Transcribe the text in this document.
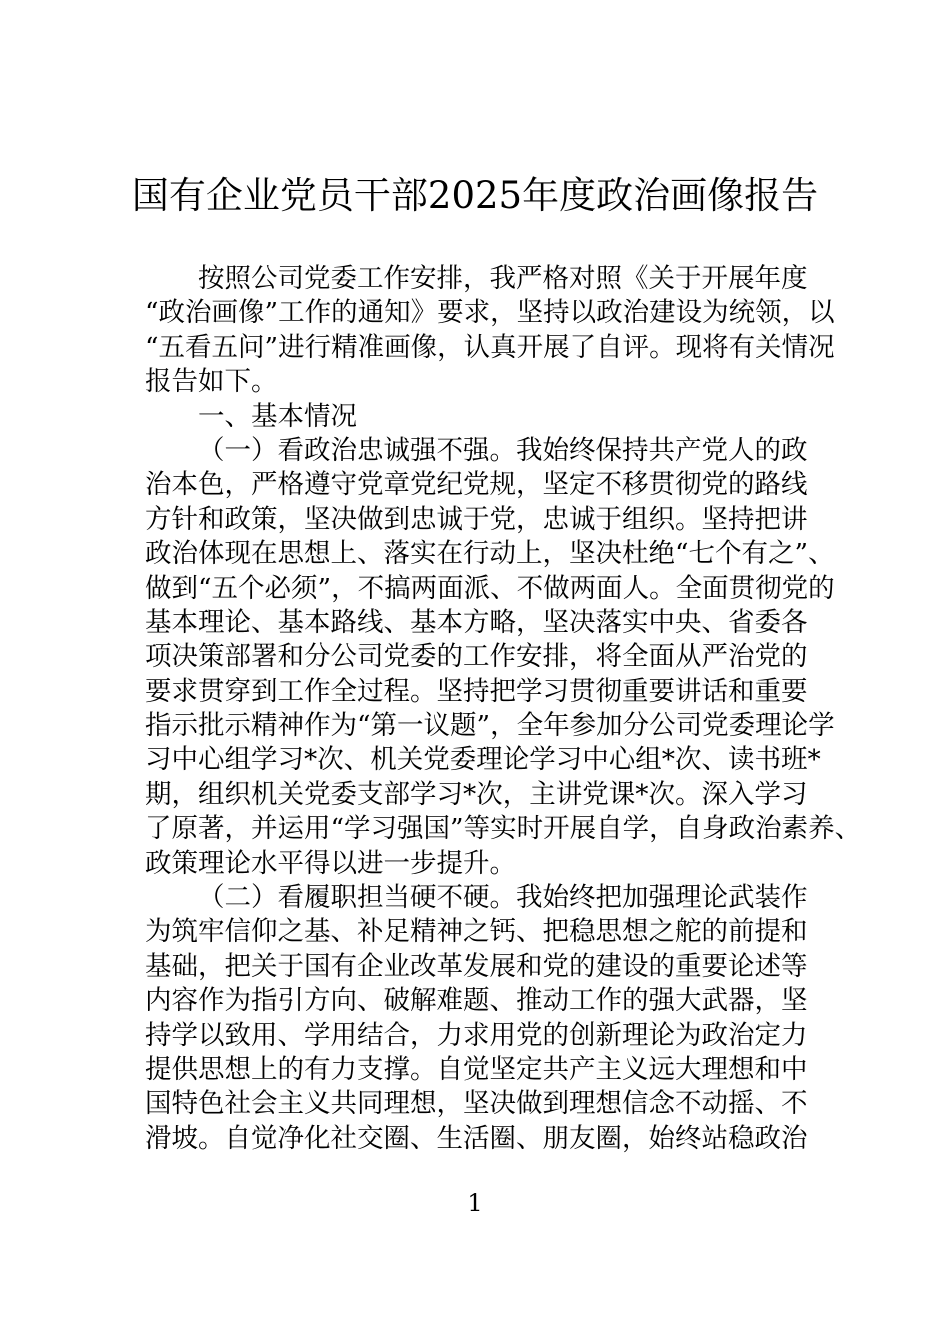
国有企业党员干部2025年度政治画像报告
按照公司党委工作安排，我严格对照《关于开展年度
“政治画像”工作的通知》要求，坚持以政治建设为统领，以
“五看五问”进行精准画像，认真开展了自评。现将有关情况
报告如下。
一、基本情况
（一）看政治忠诚强不强。我始终保持共产党人的政
治本色，严格遵守党章党纪党规，坚定不移贯彻党的路线
方针和政策，坚决做到忠诚于党，忠诚于组织。坚持把讲
政治体现在思想上、落实在行动上，坚决杜绝“七个有之”、
做到“五个必须”，不搞两面派、不做两面人。全面贯彻党的
基本理论、基本路线、基本方略，坚决落实中央、省委各
项决策部署和分公司党委的工作安排，将全面从严治党的
要求贯穿到工作全过程。坚持把学习贯彻重要讲话和重要
指示批示精神作为“第一议题”，全年参加分公司党委理论学
习中心组学习*次、机关党委理论学习中心组*次、读书班*
期，组织机关党委支部学习*次，主讲党课*次。深入学习
了原著，并运用“学习强国”等实时开展自学，自身政治素养、
政策理论水平得以进一步提升。
（二）看履职担当硬不硬。我始终把加强理论武装作
为筑牢信仰之基、补足精神之钙、把稳思想之舵的前提和
基础，把关于国有企业改革发展和党的建设的重要论述等
内容作为指引方向、破解难题、推动工作的强大武器，坚
持学以致用、学用结合，力求用党的创新理论为政治定力
提供思想上的有力支撑。自觉坚定共产主义远大理想和中
国特色社会主义共同理想，坚决做到理想信念不动摇、不
滑坡。自觉净化社交圈、生活圈、朋友圈，始终站稳政治
1
